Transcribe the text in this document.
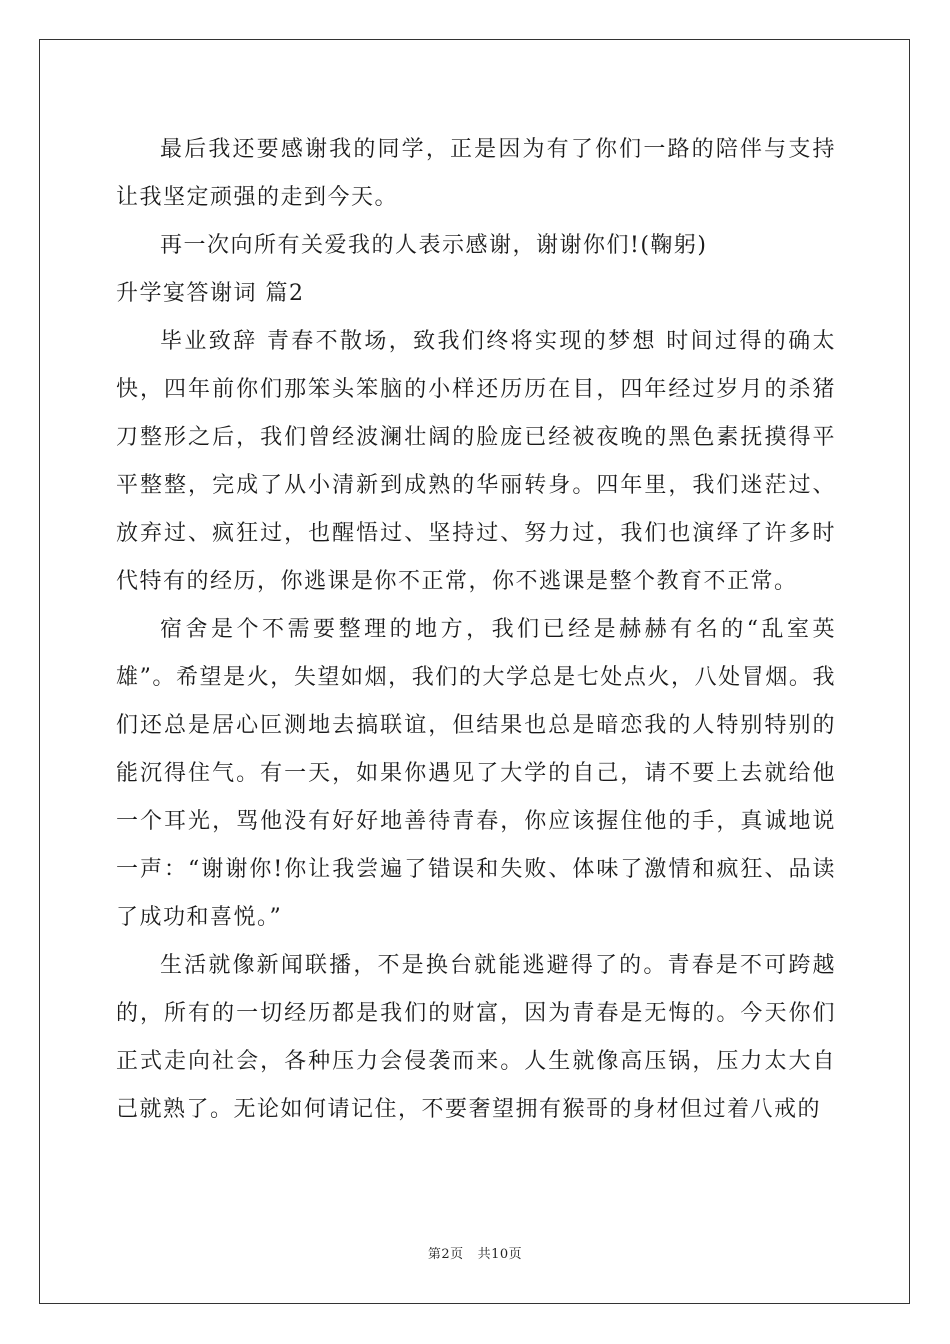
最后我还要感谢我的同学，正是因为有了你们一路的陪伴与支持让我坚定顽强的走到今天。

再一次向所有关爱我的人表示感谢，谢谢你们!(鞠躬)

升学宴答谢词 篇2

毕业致辞 青春不散场，致我们终将实现的梦想 时间过得的确太快，四年前你们那笨头笨脑的小样还历历在目，四年经过岁月的杀猪刀整形之后，我们曾经波澜壮阔的脸庞已经被夜晚的黑色素抚摸得平平整整，完成了从小清新到成熟的华丽转身。四年里，我们迷茫过、放弃过、疯狂过，也醒悟过、坚持过、努力过，我们也演绎了许多时代特有的经历，你逃课是你不正常，你不逃课是整个教育不正常。

宿舍是个不需要整理的地方，我们已经是赫赫有名的“乱室英雄”。希望是火，失望如烟，我们的大学总是七处点火，八处冒烟。我们还总是居心叵测地去搞联谊，但结果也总是暗恋我的人特别特别的能沉得住气。有一天，如果你遇见了大学的自己，请不要上去就给他一个耳光，骂他没有好好地善待青春，你应该握住他的手，真诚地说一声：“谢谢你!你让我尝遍了错误和失败、体味了激情和疯狂、品读了成功和喜悦。”

生活就像新闻联播，不是换台就能逃避得了的。青春是不可跨越的，所有的一切经历都是我们的财富，因为青春是无悔的。今天你们正式走向社会，各种压力会侵袭而来。人生就像高压锅，压力太大自己就熟了。无论如何请记住，不要奢望拥有猴哥的身材但过着八戒的

第2页 共10页
